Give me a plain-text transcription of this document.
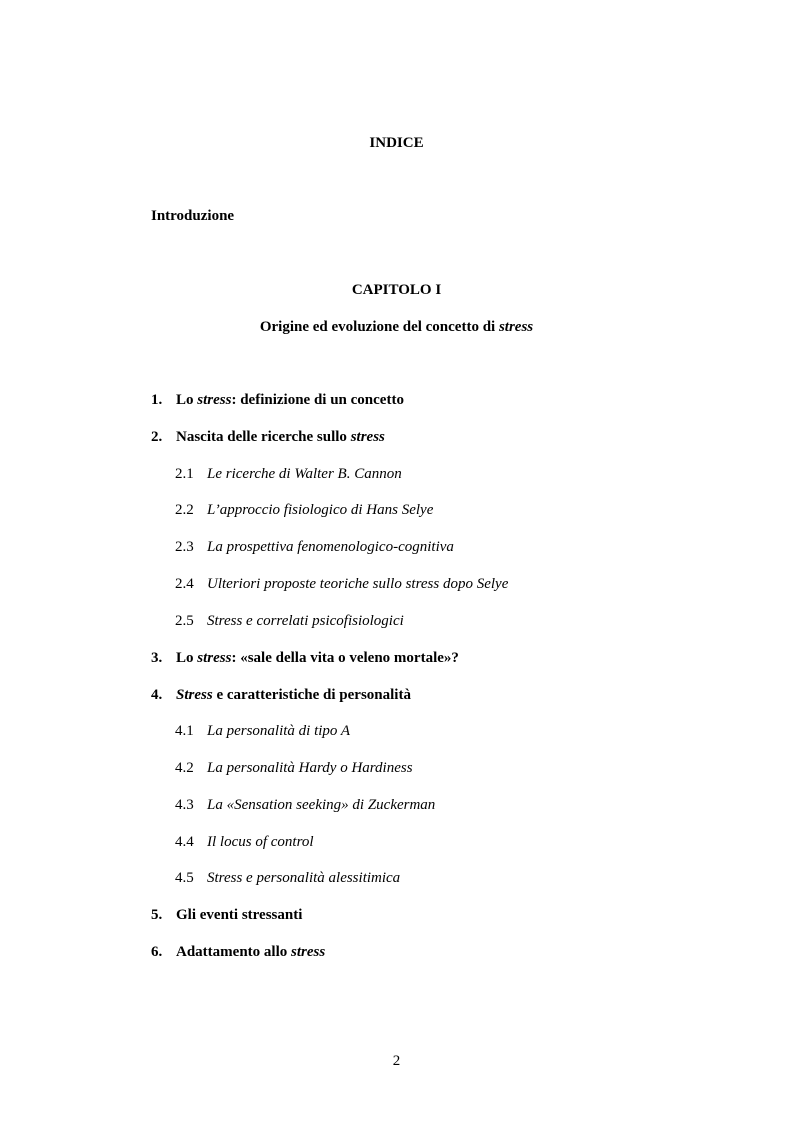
INDICE
Introduzione
CAPITOLO I
Origine ed evoluzione del concetto di stress
1. Lo stress: definizione di un concetto
2. Nascita delle ricerche sullo stress
2.1 Le ricerche di Walter B. Cannon
2.2 L’approccio fisiologico di Hans Selye
2.3 La prospettiva fenomenologico-cognitiva
2.4 Ulteriori proposte teoriche sullo stress dopo Selye
2.5 Stress e correlati psicofisiologici
3. Lo stress: «sale della vita o veleno mortale»?
4. Stress e caratteristiche di personalità
4.1 La personalità di tipo A
4.2 La personalità Hardy o Hardiness
4.3 La «Sensation seeking» di Zuckerman
4.4 Il locus of control
4.5 Stress e personalità alessitimica
5. Gli eventi stressanti
6. Adattamento allo stress
2
